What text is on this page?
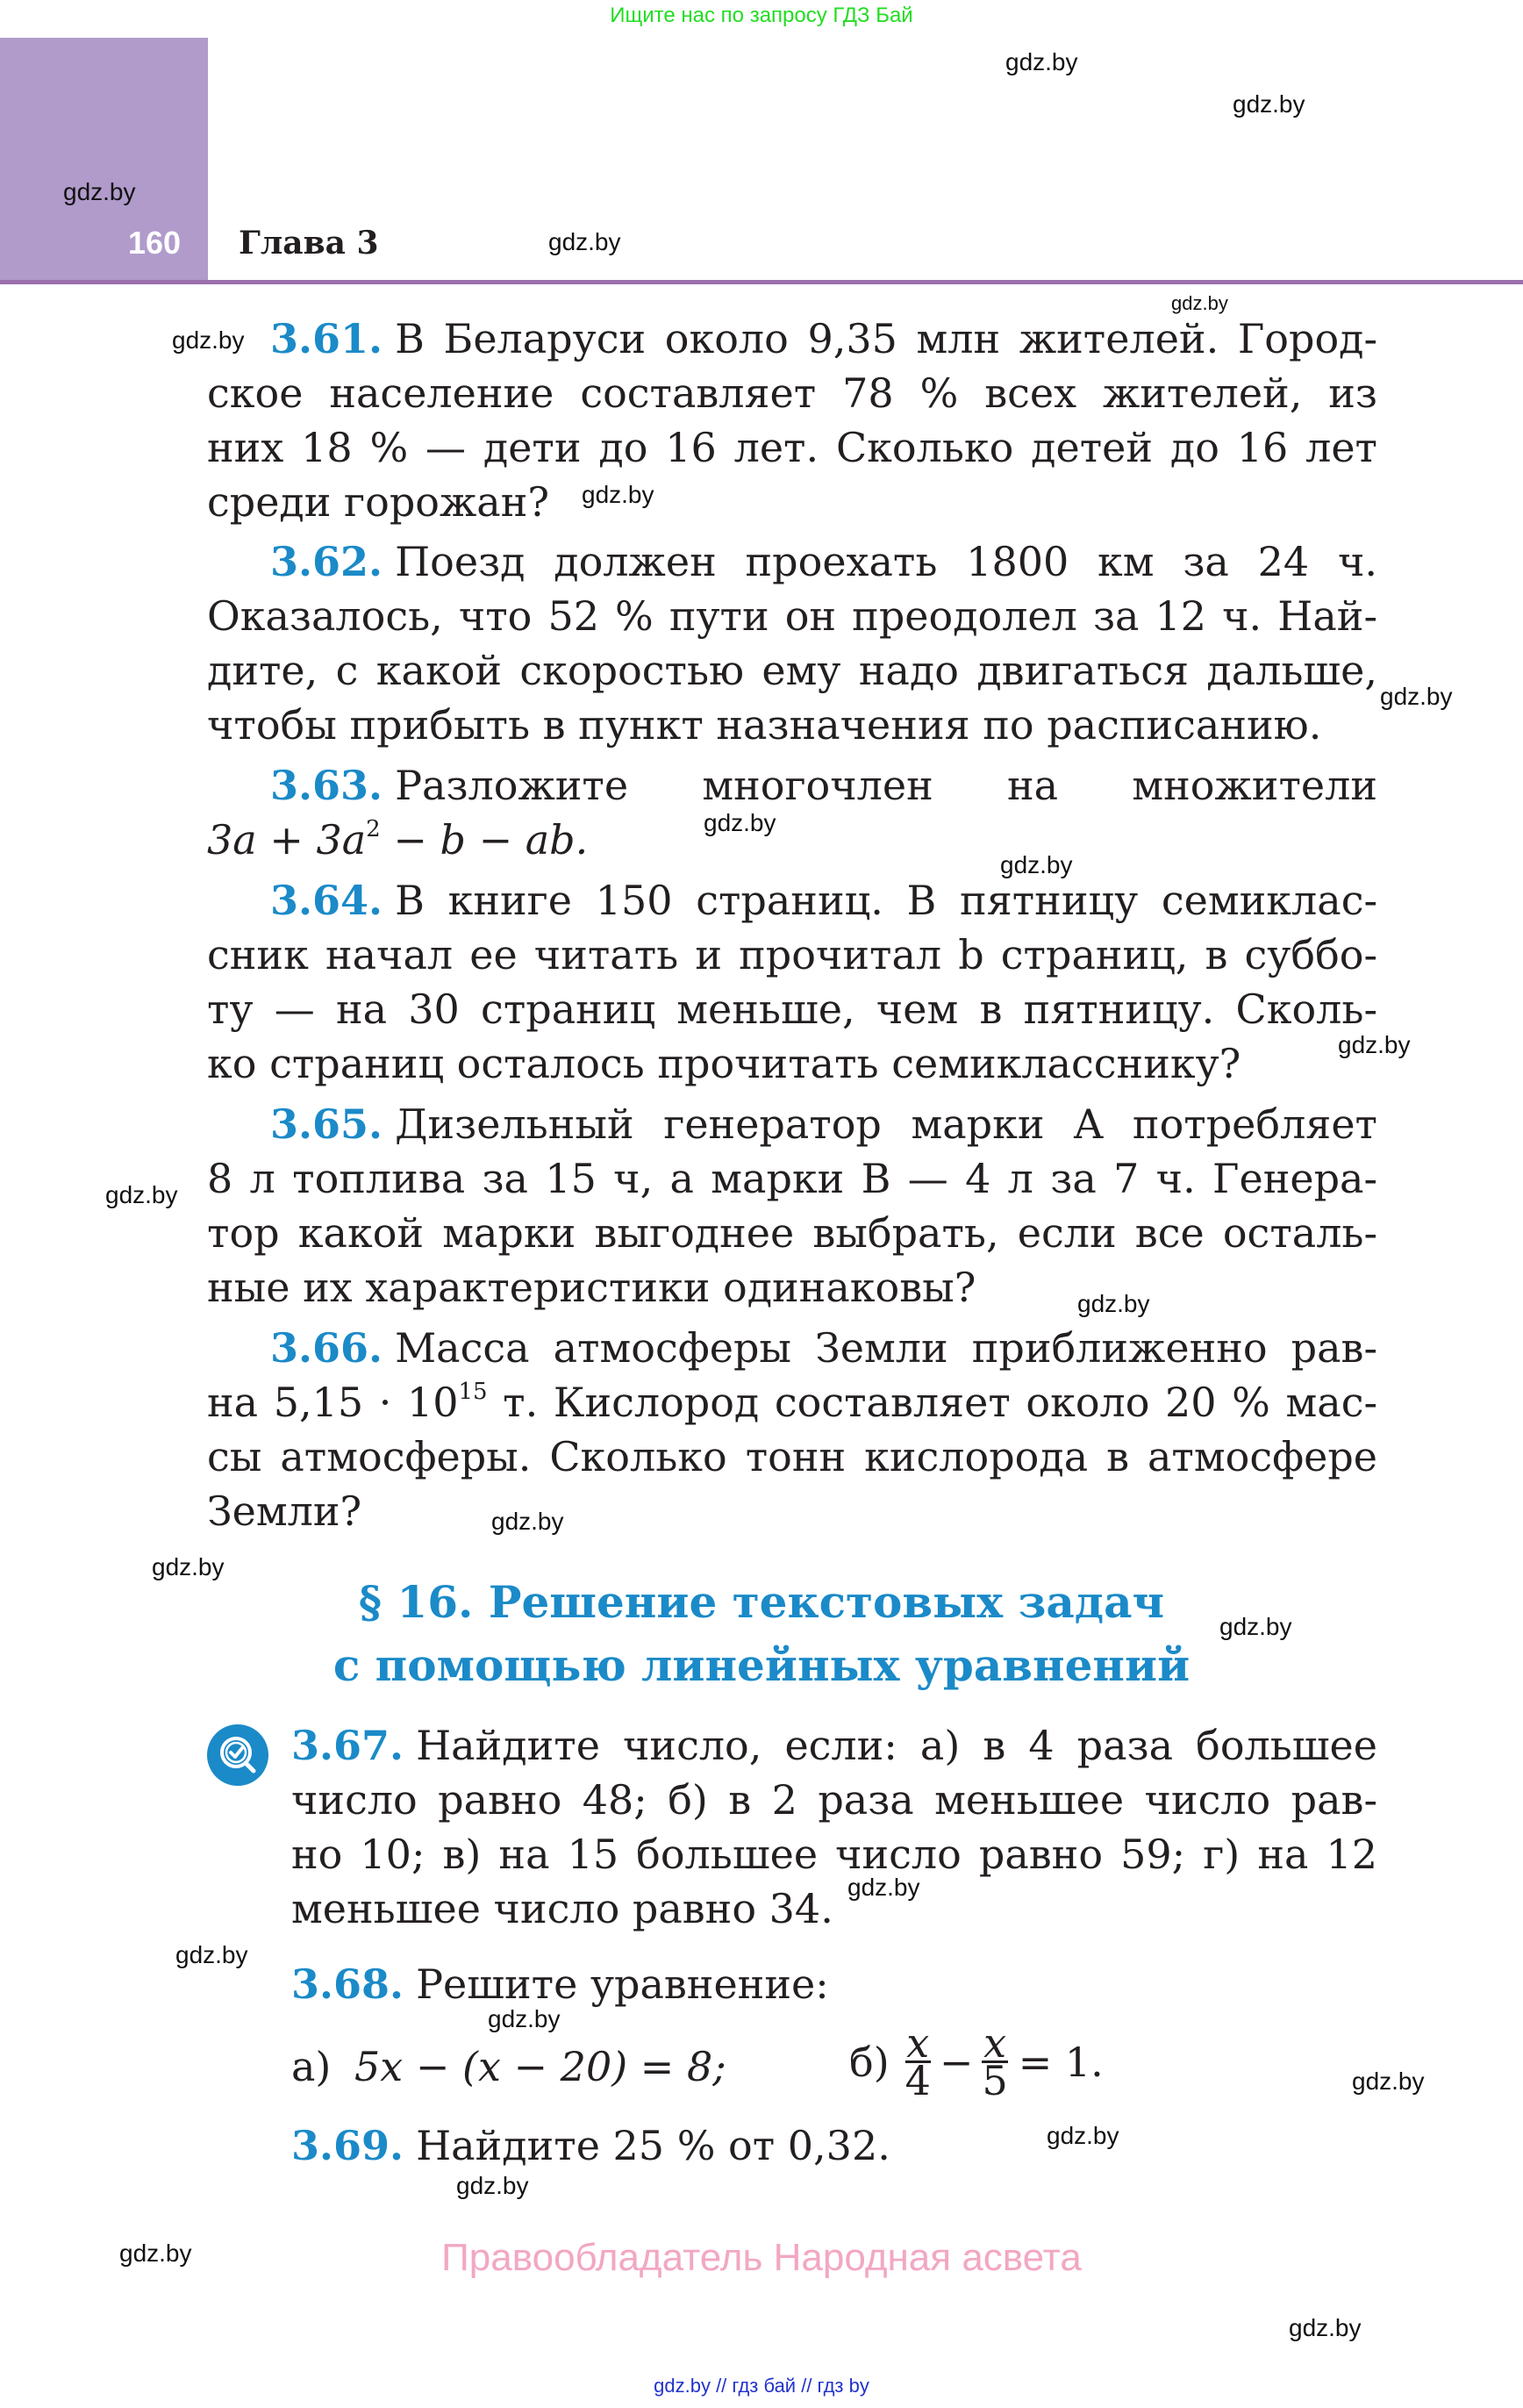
Ищите нас по запросу ГДЗ Бай
160 Глава 3
gdz.by
gdz.by
gdz.by
gdz.by
gdz.by
gdz.by
gdz.by
gdz.by
gdz.by
gdz.by
gdz.by
gdz.by
gdz.by
gdz.by
gdz.by
gdz.by
gdz.by
gdz.by
gdz.by
gdz.by
gdz.by
gdz.by
gdz.by
gdz.by
3.61. В Беларуси около 9,35 млн жителей. Город-
ское население составляет 78 % всех жителей, из
них 18 % — дети до 16 лет. Сколько детей до 16 лет
среди горожан?
3.62. Поезд должен проехать 1800 км за 24 ч.
Оказалось, что 52 % пути он преодолел за 12 ч. Най-
дите, с какой скоростью ему надо двигаться дальше,
чтобы прибыть в пункт назначения по расписанию.
3.63. Разложите многочлен на множители
$3a + 3a^2 - b$ − ab.
3.64. В книге 150 страниц. В пятницу семиклас-
сник начал ее читать и прочитал b страниц, в суббо-
ту — на 30 страниц меньше, чем в пятницу. Сколь-
ко страниц осталось прочитать семикласснику?
3.65. Дизельный генератор марки A потребляет
8 л топлива за 15 ч, а марки B — 4 л за 7 ч. Генера-
тор какой марки выгоднее выбрать, если все осталь-
ные их характеристики одинаковы?
3.66. Масса атмосферы Земли приближенно рав-
на $5,15 \cdot 10^{15}$ т. Кислород составляет около 20 % мас-
сы атмосферы. Сколько тонн кислорода в атмосфере
Земли?
§ 16. Решение текстовых задач
с помощью линейных уравнений
3.67. Найдите число, если: а) в 4 раза большее
число равно 48; б) в 2 раза меньшее число рав-
но 10; в) на 15 большее число равно 59; г) на 12
меньшее число равно 34.
3.68. Решите уравнение:
а) 5x − (x − 20) = 8;	$б) \frac{x}{4} - \frac{x}{5} = 1$.
3.69. Найдите 25 % от 0,32.
Правообладатель Народная асвета
gdz.by // гдз бай // гдз by
